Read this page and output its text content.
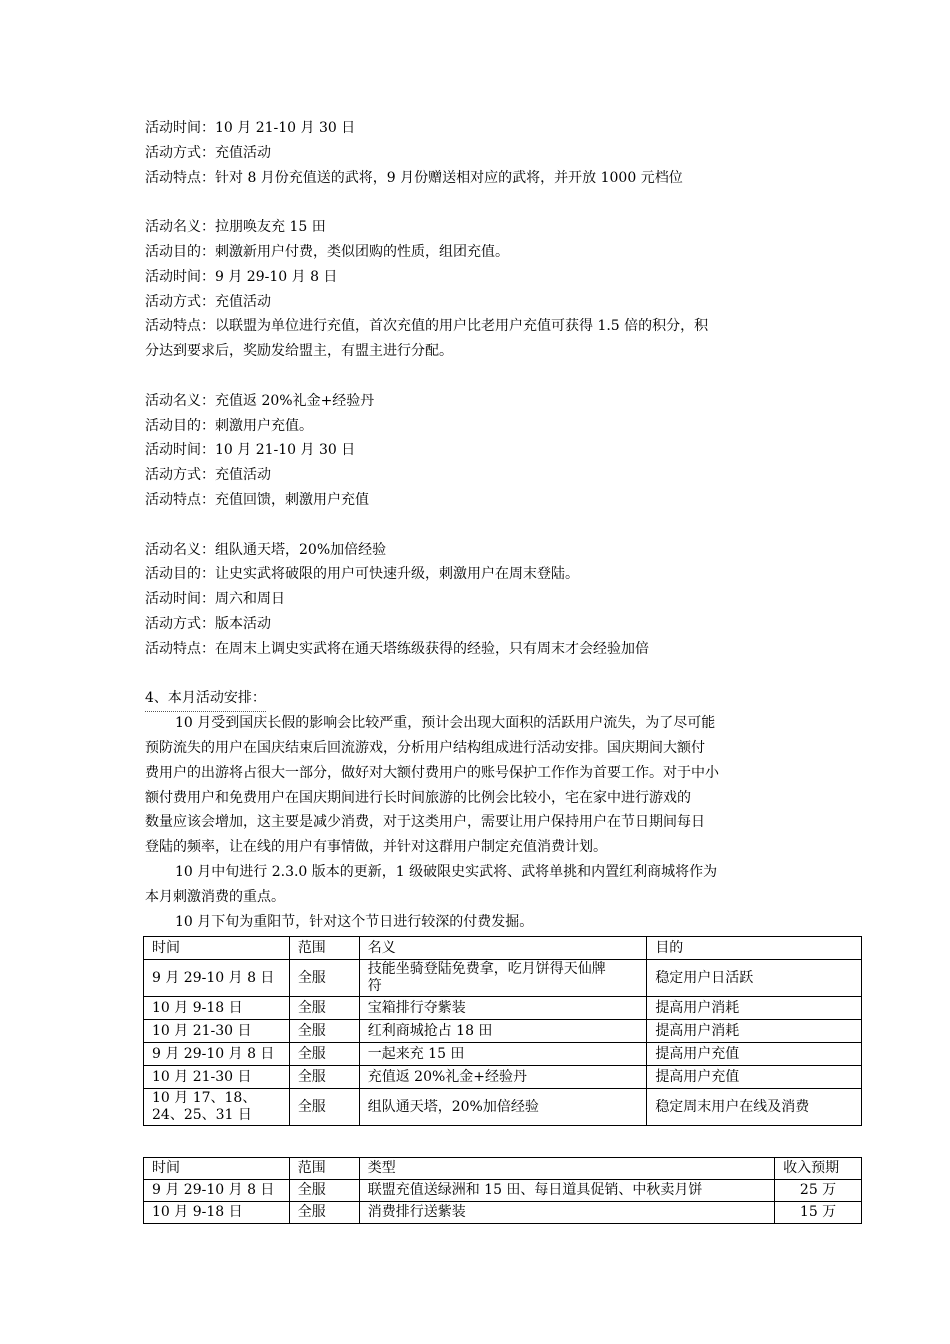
活动时间：10 月 21-10 月 30 日
活动方式：充值活动
活动特点：针对 8 月份充值送的武将，9 月份赠送相对应的武将，并开放 1000 元档位
活动名义：拉朋唤友充 15 田
活动目的：刺激新用户付费，类似团购的性质，组团充值。
活动时间：9 月 29-10 月 8 日
活动方式：充值活动
活动特点：以联盟为单位进行充值，首次充值的用户比老用户充值可获得 1.5 倍的积分，积
分达到要求后，奖励发给盟主，有盟主进行分配。
活动名义：充值返 20%礼金+经验丹
活动目的：刺激用户充值。
活动时间：10 月 21-10 月 30 日
活动方式：充值活动
活动特点：充值回馈，刺激用户充值
活动名义：组队通天塔，20%加倍经验
活动目的：让史实武将破限的用户可快速升级，刺激用户在周末登陆。
活动时间：周六和周日
活动方式：版本活动
活动特点：在周末上调史实武将在通天塔练级获得的经验，只有周末才会经验加倍
4、本月活动安排：
10 月受到国庆长假的影响会比较严重，预计会出现大面积的活跃用户流失，为了尽可能
预防流失的用户在国庆结束后回流游戏，分析用户结构组成进行活动安排。国庆期间大额付
费用户的出游将占很大一部分，做好对大额付费用户的账号保护工作作为首要工作。对于中小
额付费用户和免费用户在国庆期间进行长时间旅游的比例会比较小，宅在家中进行游戏的
数量应该会增加，这主要是减少消费，对于这类用户，需要让用户保持用户在节日期间每日
登陆的频率，让在线的用户有事情做，并针对这群用户制定充值消费计划。
10 月中旬进行 2.3.0 版本的更新，1 级破限史实武将、武将单挑和内置红利商城将作为
本月刺激消费的重点。
10 月下旬为重阳节，针对这个节日进行较深的付费发掘。
时间	范围	名义	目的
9 月 29-10 月 8 日	全服	技能坐骑登陆免费拿，吃月饼得天仙牌符	稳定用户日活跃
10 月 9-18 日	全服	宝箱排行夺紫装	提高用户消耗
10 月 21-30 日	全服	红利商城抢占 18 田	提高用户消耗
9 月 29-10 月 8 日	全服	一起来充 15 田	提高用户充值
10 月 21-30 日	全服	充值返 20%礼金+经验丹	提高用户充值
10 月 17、18、24、25、31 日	全服	组队通天塔，20%加倍经验	稳定周末用户在线及消费
时间	范围	类型	收入预期
9 月 29-10 月 8 日	全服	联盟充值送绿洲和 15 田、每日道具促销、中秋卖月饼	25 万
10 月 9-18 日	全服	消费排行送紫装	15 万
